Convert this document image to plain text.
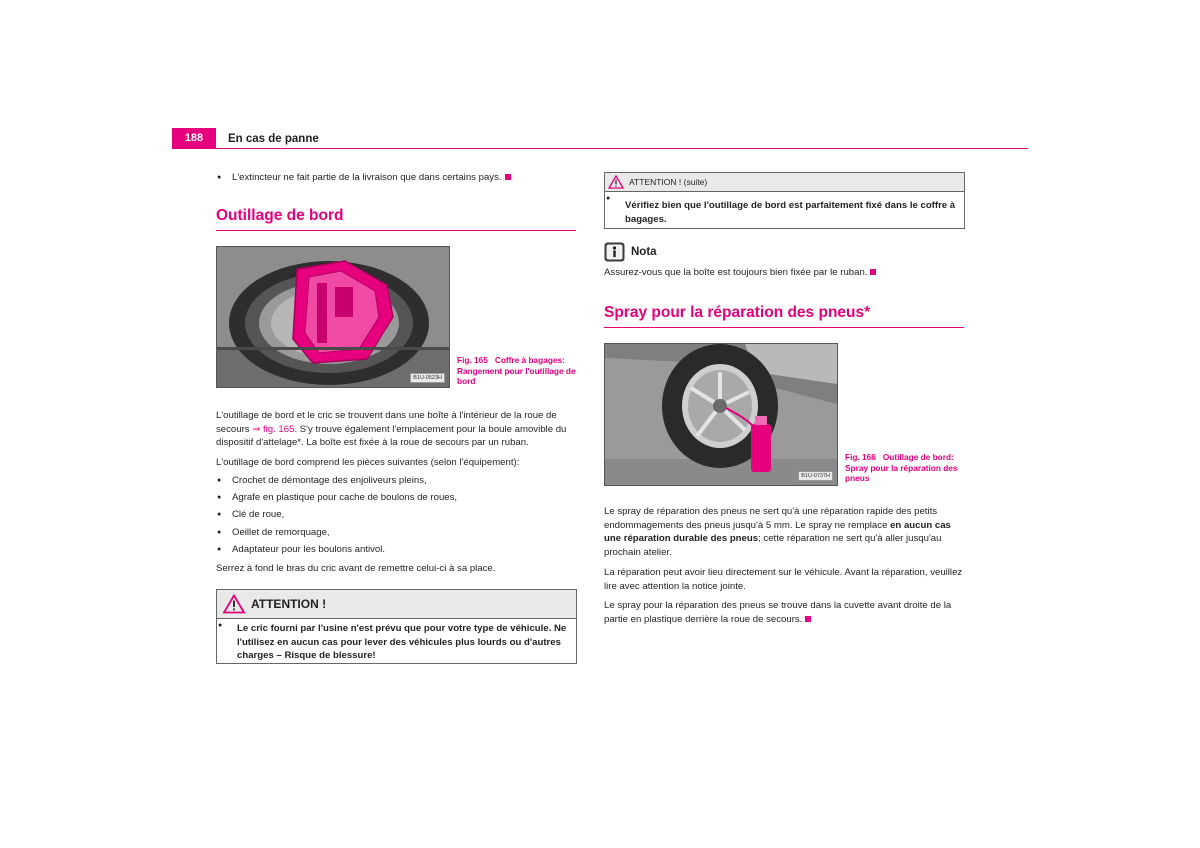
188	En cas de panne
● L'extincteur ne fait partie de la livraison que dans certains pays.
Outillage de bord
B1U-0523H
Fig. 165 Coffre à bagages: Rangement pour l'outillage de bord
L'outillage de bord et le cric se trouvent dans une boîte à l'intérieur de la roue de secours ⇒ fig. 165. S'y trouve également l'emplacement pour la boule amovible du dispositif d'attelage*. La boîte est fixée à la roue de secours par un ruban.
L'outillage de bord comprend les pièces suivantes (selon l'équipement):
● Crochet de démontage des enjoliveurs pleins,
● Agrafe en plastique pour cache de boulons de roues,
● Clé de roue,
● Oeillet de remorquage,
● Adaptateur pour les boulons antivol.
Serrez à fond le bras du cric avant de remettre celui-ci à sa place.
ATTENTION !
● Le cric fourni par l'usine n'est prévu que pour votre type de véhicule. Ne l'utilisez en aucun cas pour lever des véhicules plus lourds ou d'autres charges – Risque de blessure!
ATTENTION ! (suite)
● Vérifiez bien que l'outillage de bord est parfaitement fixé dans le coffre à bagages.
Nota
Assurez-vous que la boîte est toujours bien fixée par le ruban.
Spray pour la réparation des pneus*
B1U-0737H
Fig. 166 Outillage de bord: Spray pour la réparation des pneus
Le spray de réparation des pneus ne sert qu'à une réparation rapide des petits endommagements des pneus jusqu'à 5 mm. Le spray ne remplace en aucun cas une réparation durable des pneus; cette réparation ne sert qu'à aller jusqu'au prochain atelier.
La réparation peut avoir lieu directement sur le véhicule. Avant la réparation, veuillez lire avec attention la notice jointe.
Le spray pour la réparation des pneus se trouve dans la cuvette avant droite de la partie en plastique derrière la roue de secours.
